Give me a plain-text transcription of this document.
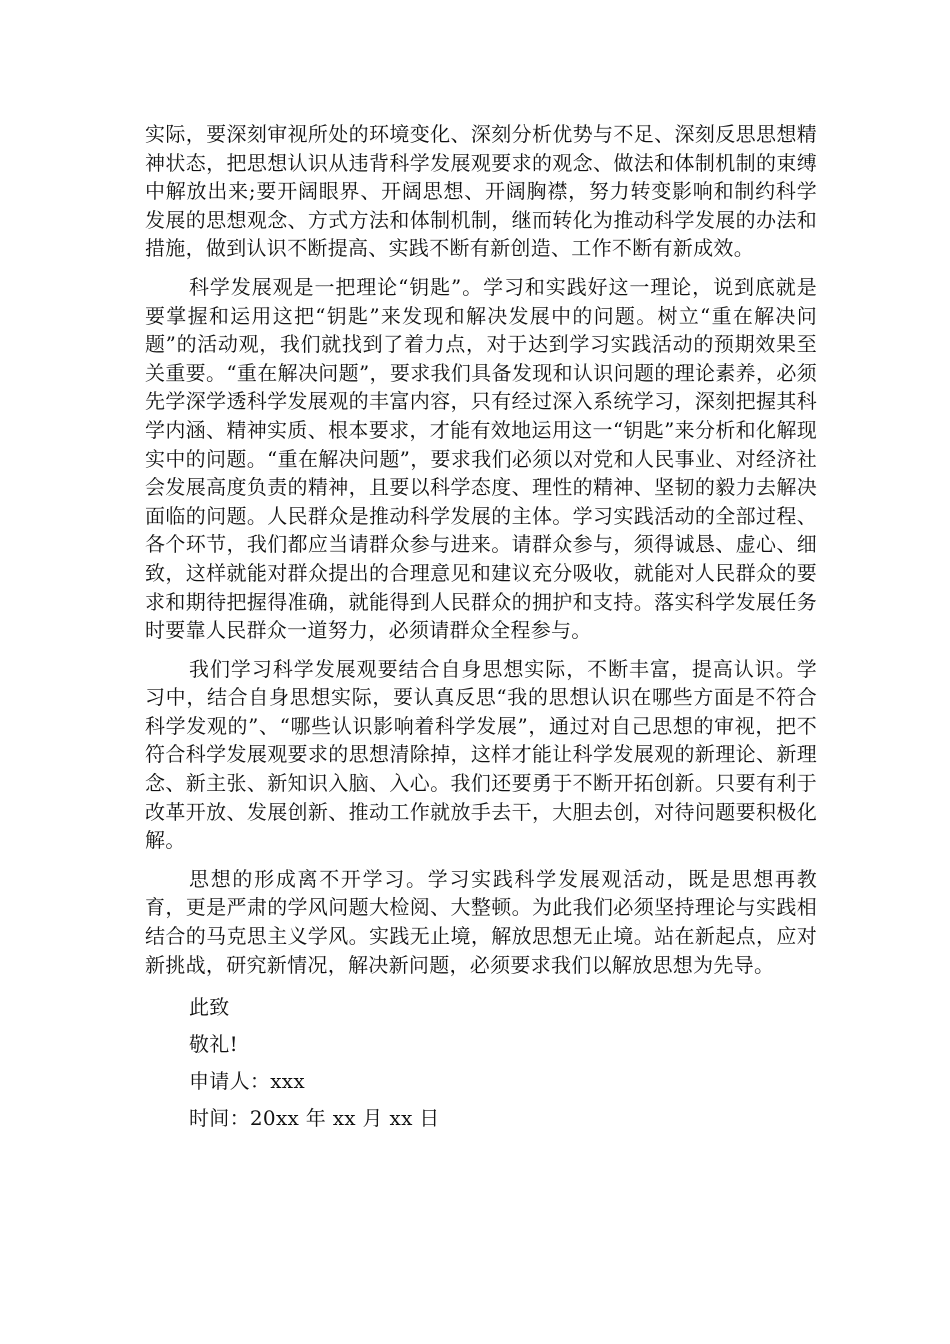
实际，要深刻审视所处的环境变化、深刻分析优势与不足、深刻反思思想精神状态，把思想认识从违背科学发展观要求的观念、做法和体制机制的束缚中解放出来;要开阔眼界、开阔思想、开阔胸襟，努力转变影响和制约科学发展的思想观念、方式方法和体制机制，继而转化为推动科学发展的办法和措施，做到认识不断提高、实践不断有新创造、工作不断有新成效。

科学发展观是一把理论“钥匙”。学习和实践好这一理论，说到底就是要掌握和运用这把“钥匙”来发现和解决发展中的问题。树立“重在解决问题”的活动观，我们就找到了着力点，对于达到学习实践活动的预期效果至关重要。“重在解决问题”，要求我们具备发现和认识问题的理论素养，必须先学深学透科学发展观的丰富内容，只有经过深入系统学习，深刻把握其科学内涵、精神实质、根本要求，才能有效地运用这一“钥匙”来分析和化解现实中的问题。“重在解决问题”，要求我们必须以对党和人民事业、对经济社会发展高度负责的精神，且要以科学态度、理性的精神、坚韧的毅力去解决面临的问题。人民群众是推动科学发展的主体。学习实践活动的全部过程、各个环节，我们都应当请群众参与进来。请群众参与，须得诚恳、虚心、细致，这样就能对群众提出的合理意见和建议充分吸收，就能对人民群众的要求和期待把握得准确，就能得到人民群众的拥护和支持。落实科学发展任务时要靠人民群众一道努力，必须请群众全程参与。

我们学习科学发展观要结合自身思想实际，不断丰富，提高认识。学习中，结合自身思想实际，要认真反思“我的思想认识在哪些方面是不符合科学发观的”、“哪些认识影响着科学发展”，通过对自己思想的审视，把不符合科学发展观要求的思想清除掉，这样才能让科学发展观的新理论、新理念、新主张、新知识入脑、入心。我们还要勇于不断开拓创新。只要有利于改革开放、发展创新、推动工作就放手去干，大胆去创，对待问题要积极化解。

思想的形成离不开学习。学习实践科学发展观活动，既是思想再教育，更是严肃的学风问题大检阅、大整顿。为此我们必须坚持理论与实践相结合的马克思主义学风。实践无止境，解放思想无止境。站在新起点，应对新挑战，研究新情况，解决新问题，必须要求我们以解放思想为先导。

此致

敬礼!

申请人：xxx

时间：20xx 年 xx 月 xx 日
